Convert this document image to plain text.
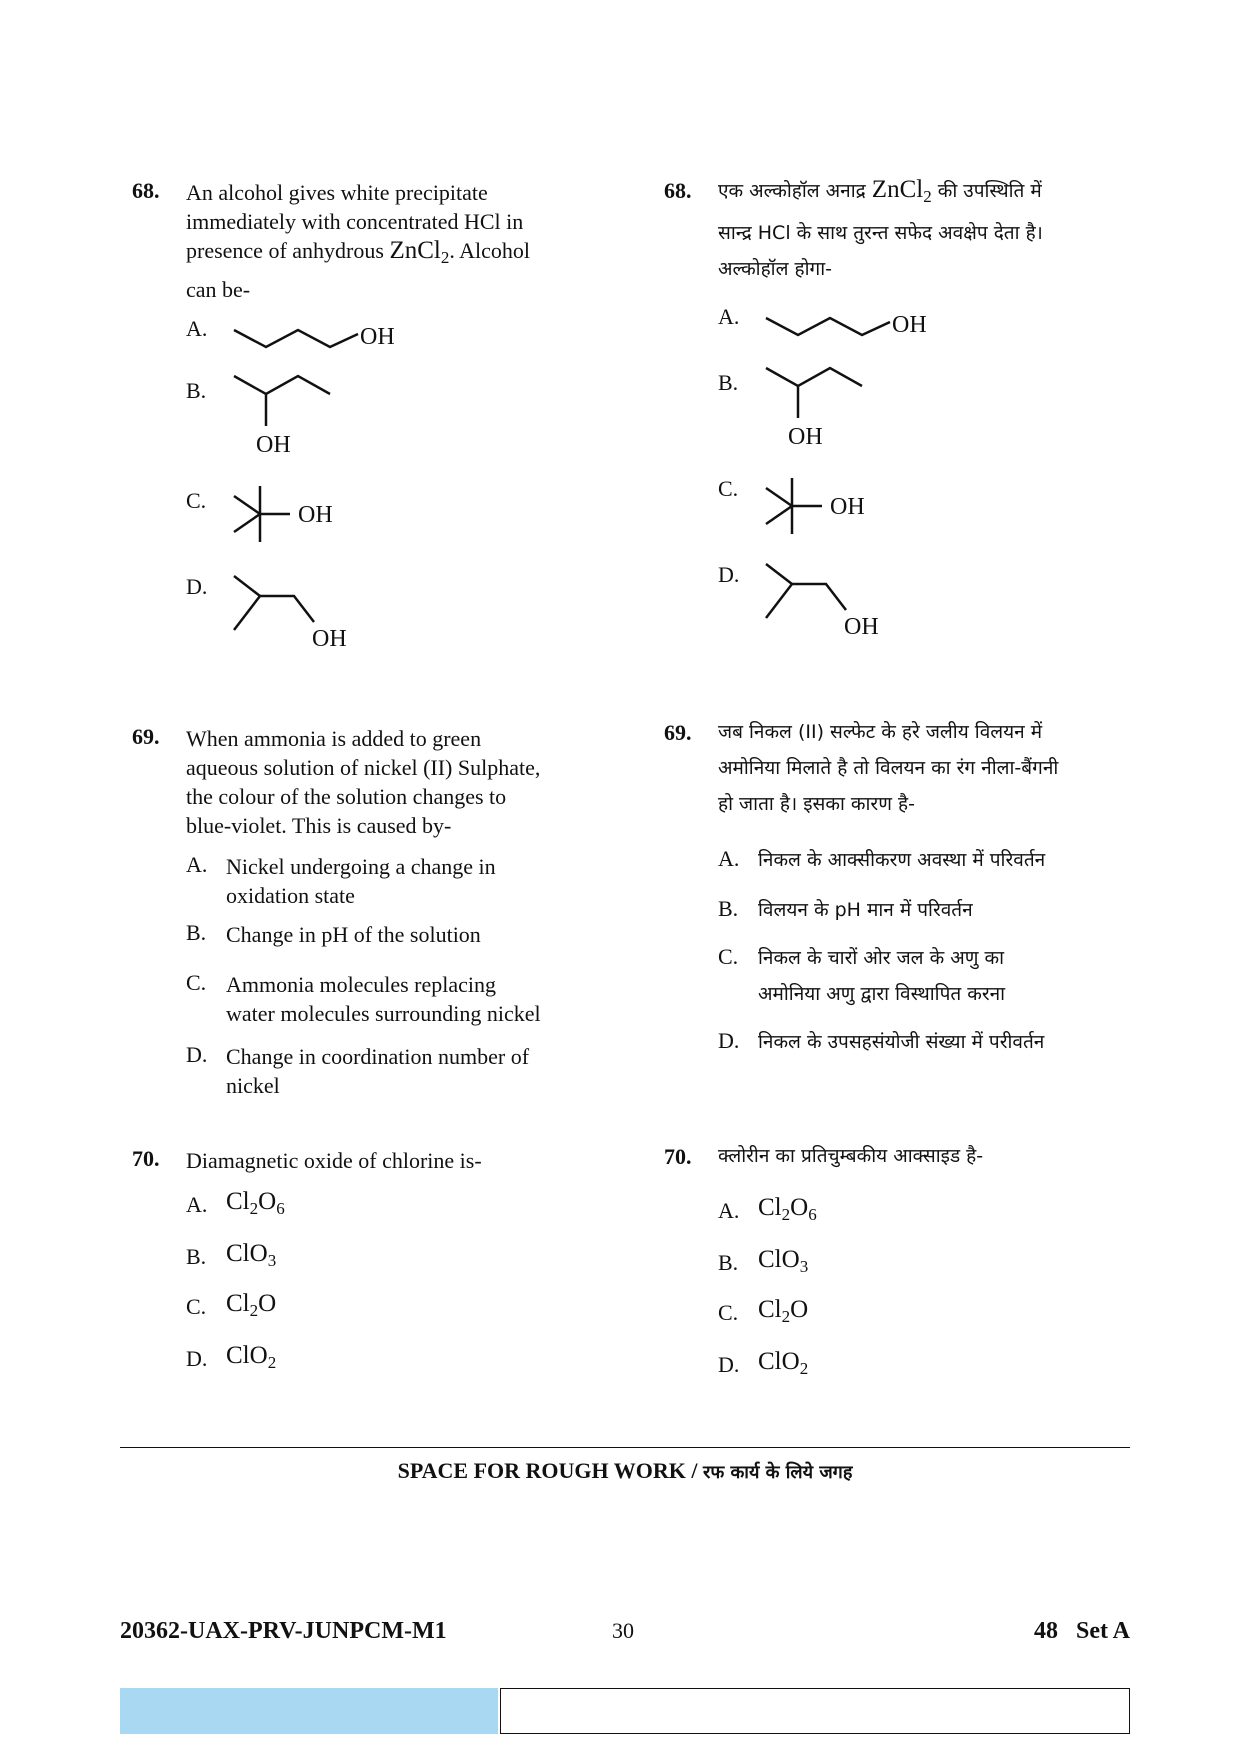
68. An alcohol gives white precipitate
immediately with concentrated HCl in
presence of anhydrous ZnCl$_2$. Alcohol
can be-
A.	OH
B.
OH
C.
OH
D.
OH
69. When ammonia is added to green
aqueous solution of nickel (II) Sulphate,
the colour of the solution changes to
blue-violet. This is caused by-
A. Nickel undergoing a change in
oxidation state
B. Change in pH of the solution
C. Ammonia molecules replacing
water molecules surrounding nickel
D. Change in coordination number of
nickel
70. Diamagnetic oxide of chlorine is-
A. $Cl_2O_6$
B. ClO$_3$
C. $Cl_2O$
D. ClO$_2$
68. एक अल्कोहॉल अनाद्र ZnCl$_2$ की उपस्थिति में
सान्द्र HCl के साथ तुरन्त सफेद अवक्षेप देता है।
अल्कोहॉल होगा-
A.	OH
B.
OH
C.
OH
D.
OH
69. जब निकल (II) सल्फेट के हरे जलीय विलयन में
अमोनिया मिलाते है तो विलयन का रंग नीला-बैंगनी
हो जाता है। इसका कारण है-
A. निकल के आक्सीकरण अवस्था में परिवर्तन
B. विलयन के pH मान में परिवर्तन
C. निकल के चारों ओर जल के अणु का
अमोनिया अणु द्वारा विस्थापित करना
D. निकल के उपसहसंयोजी संख्या में परीवर्तन
70. क्लोरीन का प्रतिचुम्बकीय आक्साइड है-
A. $Cl_2O_6$
B. ClO$_3$
C. $Cl_2O$
D. ClO$_2$
SPACE FOR ROUGH WORK / रफ कार्य के लिये जगह
20362-UAX-PRV-JUNPCM-M1	30	48   Set A
